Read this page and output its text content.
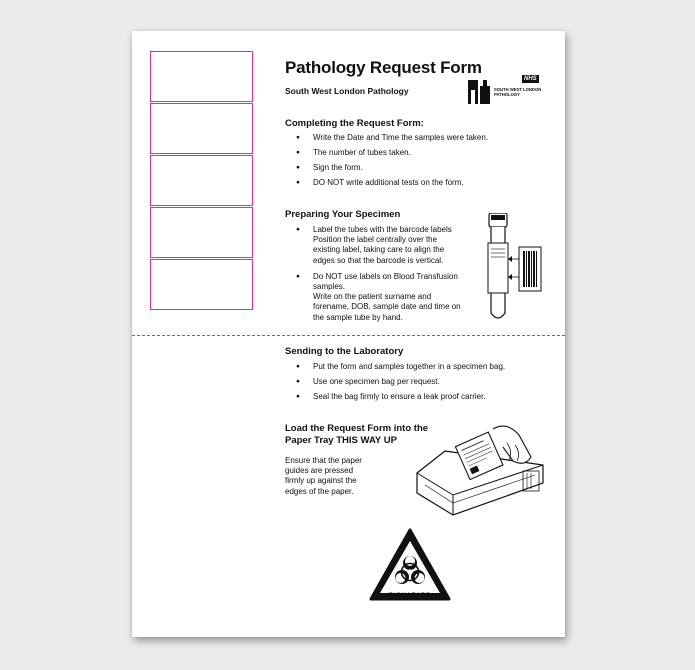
Pathology Request Form
South West London Pathology
NHS
SOUTH WEST LONDON
PATHOLOGY
Completing the Request Form:
● Write the Date and Time the samples were taken.
● The number of tubes taken.
● Sign the form.
● DO NOT write additional tests on the form.
Preparing Your Specimen
● Label the tubes with the barcode labels
Position the label centrally over the
existing label, taking care to align the
edges so that the barcode is vertical.
● Do NOT use labels on Blood Transfusion
samples.
Write on the patient surname and
forename, DOB, sample date and time on
the sample tube by hand.
Sending to the Laboratory
● Put the form and samples together in a specimen bag.
● Use one specimen bag per request.
● Seal the bag firmly to ensure a leak proof carrier.
Load the Request Form into the
Paper Tray THIS WAY UP
Ensure that the paper
guides are pressed
firmly up against the
edges of the paper.
BIOHAZARD
